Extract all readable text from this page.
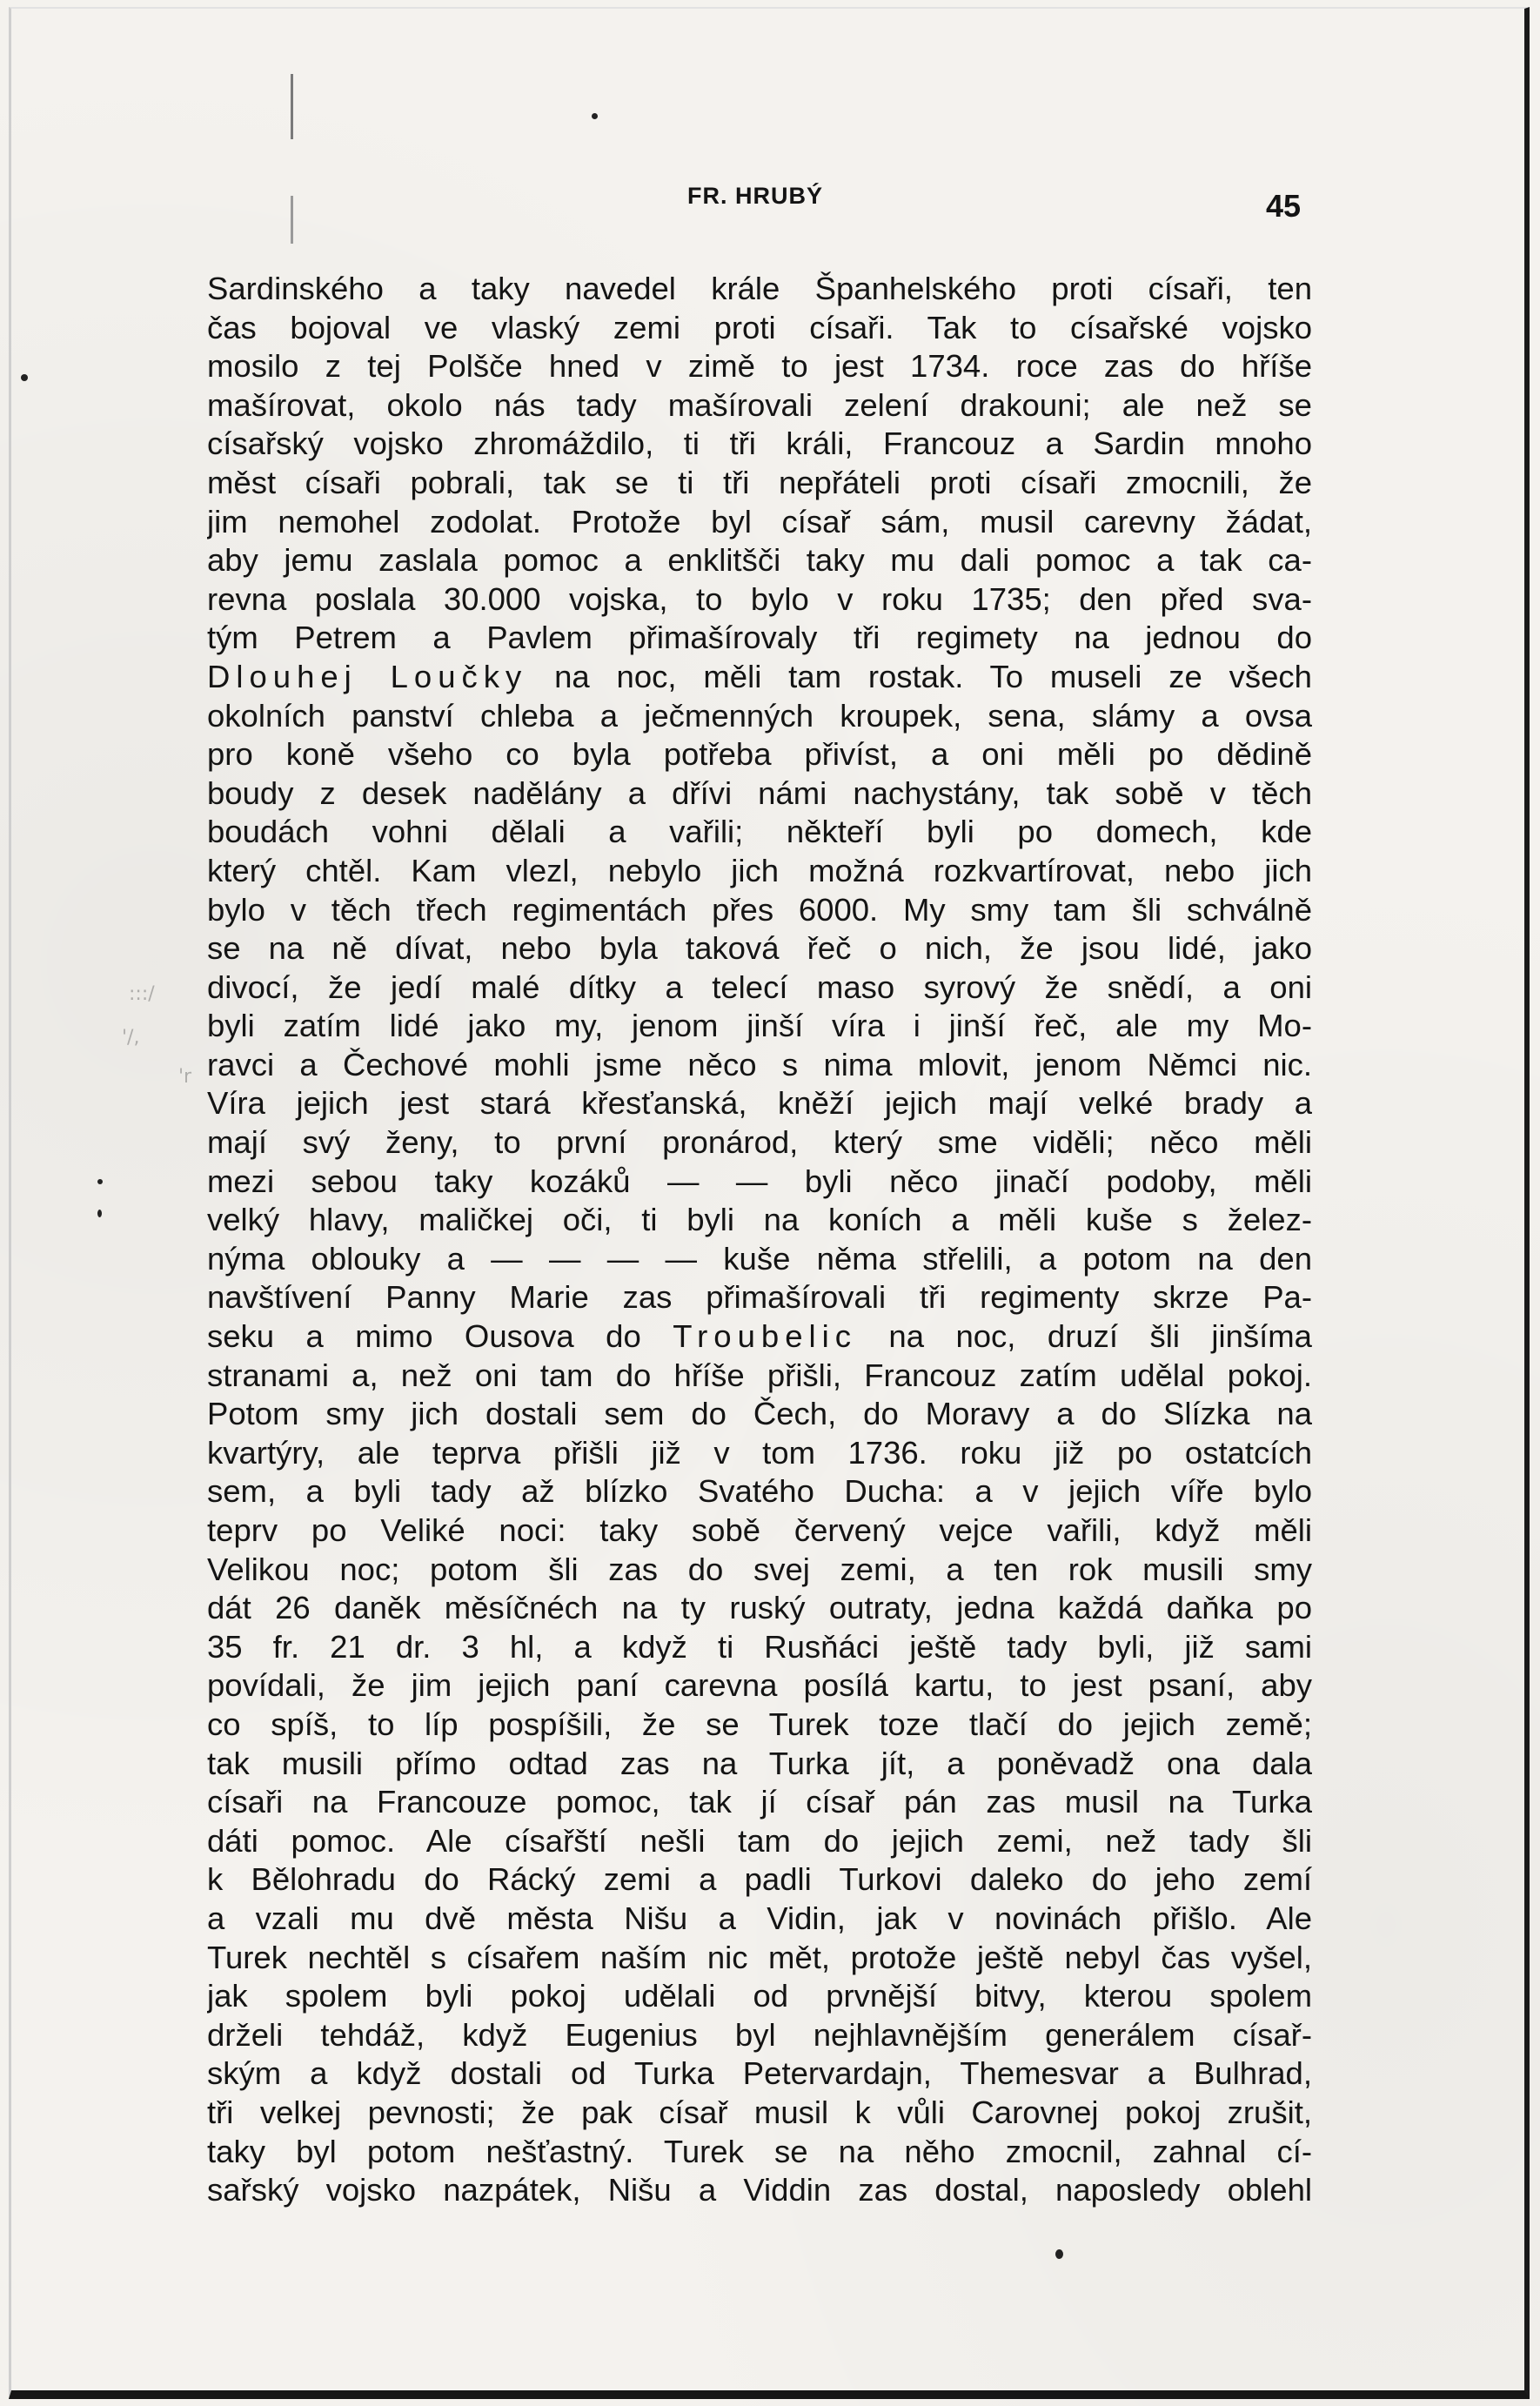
:::/
'/,
'r
FR. HRUBÝ	45
Sardinského a taky navedel krále Španhelského proti císaři, ten
čas bojoval ve vlaský zemi proti císaři. Tak to císařské vojsko
mosilo z tej Polšče hned v zimě to jest 1734. roce zas do hříše
mašírovat, okolo nás tady mašírovali zelení drakouni; ale než se
císařský vojsko zhromáždilo, ti tři králi, Francouz a Sardin mnoho
měst císaři pobrali, tak se ti tři nepřáteli proti císaři zmocnili, že
jim nemohel zodolat. Protože byl císař sám, musil carevny žádat,
aby jemu zaslala pomoc a enklitšči taky mu dali pomoc a tak ca-
revna poslala 30.000 vojska, to bylo v roku 1735; den před sva-
tým Petrem a Pavlem přimašírovaly tři regimety na jednou do
Dlouhej Loučky na noc, měli tam rostak. To museli ze všech
okolních panství chleba a ječmenných kroupek, sena, slámy a ovsa
pro koně všeho co byla potřeba přivíst, a oni měli po dědině
boudy z desek nadělány a dřívi námi nachystány, tak sobě v těch
boudách vohni dělali a vařili; někteří byli po domech, kde
který chtěl. Kam vlezl, nebylo jich možná rozkvartírovat, nebo jich
bylo v těch třech regimentách přes 6000. My smy tam šli schválně
se na ně dívat, nebo byla taková řeč o nich, že jsou lidé, jako
divocí, že jedí malé dítky a telecí maso syrový že snědí, a oni
byli zatím lidé jako my, jenom jinší víra i jinší řeč, ale my Mo-
ravci a Čechové mohli jsme něco s nima mlovit, jenom Němci nic.
Víra jejich jest stará křesťanská, kněží jejich mají velké brady a
mají svý ženy, to první pronárod, který sme viděli; něco měli
mezi sebou taky kozáků — — byli něco jinačí podoby, měli
velký hlavy, maličkej oči, ti byli na koních a měli kuše s želez-
nýma oblouky a — — — — kuše něma střelili, a potom na den
navštívení Panny Marie zas přimašírovali tři regimenty skrze Pa-
seku a mimo Ousova do Troubelic na noc, druzí šli jinšíma
stranami a, než oni tam do hříše přišli, Francouz zatím udělal pokoj.
Potom smy jich dostali sem do Čech, do Moravy a do Slízka na
kvartýry, ale teprva přišli již v tom 1736. roku již po ostatcích
sem, a byli tady až blízko Svatého Ducha: a v jejich víře bylo
teprv po Veliké noci: taky sobě červený vejce vařili, když měli
Velikou noc; potom šli zas do svej zemi, a ten rok musili smy
dát 26 daněk měsíčnéch na ty ruský outraty, jedna každá daňka po
35 fr. 21 dr. 3 hl, a když ti Rusňáci ještě tady byli, již sami
povídali, že jim jejich paní carevna posílá kartu, to jest psaní, aby
co spíš, to líp pospíšili, že se Turek toze tlačí do jejich země;
tak musili přímo odtad zas na Turka jít, a poněvadž ona dala
císaři na Francouze pomoc, tak jí císař pán zas musil na Turka
dáti pomoc. Ale císařští nešli tam do jejich zemi, než tady šli
k Bělohradu do Rácký zemi a padli Turkovi daleko do jeho zemí
a vzali mu dvě města Nišu a Vidin, jak v novinách přišlo. Ale
Turek nechtěl s císařem naším nic mět, protože ještě nebyl čas vyšel,
jak spolem byli pokoj udělali od prvnější bitvy, kterou spolem
drželi tehdáž, když Eugenius byl nejhlavnějším generálem císař-
ským a když dostali od Turka Petervardajn, Themesvar a Bulhrad,
tři velkej pevnosti; že pak císař musil k vůli Carovnej pokoj zrušit,
taky byl potom nešťastný. Turek se na něho zmocnil, zahnal cí-
sařský vojsko nazpátek, Nišu a Viddin zas dostal, naposledy oblehl
